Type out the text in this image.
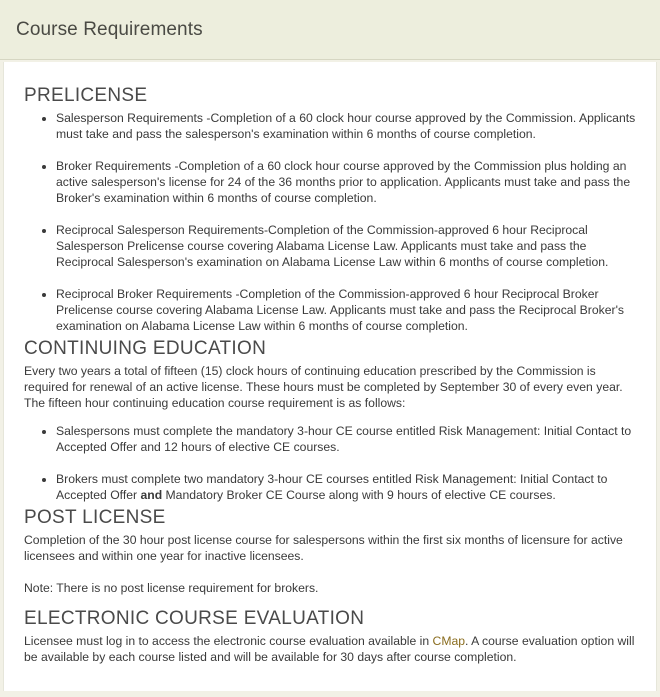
Course Requirements
PRELICENSE
• Salesperson Requirements -Completion of a 60 clock hour course approved by the Commission. Applicants must take and pass the salesperson's examination within 6 months of course completion.
• Broker Requirements -Completion of a 60 clock hour course approved by the Commission plus holding an active salesperson's license for 24 of the 36 months prior to application. Applicants must take and pass the Broker's examination within 6 months of course completion.
• Reciprocal Salesperson Requirements-Completion of the Commission-approved 6 hour Reciprocal Salesperson Prelicense course covering Alabama License Law. Applicants must take and pass the Reciprocal Salesperson's examination on Alabama License Law within 6 months of course completion.
• Reciprocal Broker Requirements -Completion of the Commission-approved 6 hour Reciprocal Broker Prelicense course covering Alabama License Law. Applicants must take and pass the Reciprocal Broker's examination on Alabama License Law within 6 months of course completion.
CONTINUING EDUCATION

Every two years a total of fifteen (15) clock hours of continuing education prescribed by the Commission is required for renewal of an active license. These hours must be completed by September 30 of every even year. The fifteen hour continuing education course requirement is as follows:

• Salespersons must complete the mandatory 3-hour CE course entitled Risk Management: Initial Contact to Accepted Offer and 12 hours of elective CE courses.
• Brokers must complete two mandatory 3-hour CE courses entitled Risk Management: Initial Contact to Accepted Offer and Mandatory Broker CE Course along with 9 hours of elective CE courses.
POST LICENSE

Completion of the 30 hour post license course for salespersons within the first six months of licensure for active licensees and within one year for inactive licensees.

Note: There is no post license requirement for brokers.

ELECTRONIC COURSE EVALUATION

Licensee must log in to access the electronic course evaluation available in CMap. A course evaluation option will be available by each course listed and will be available for 30 days after course completion.
